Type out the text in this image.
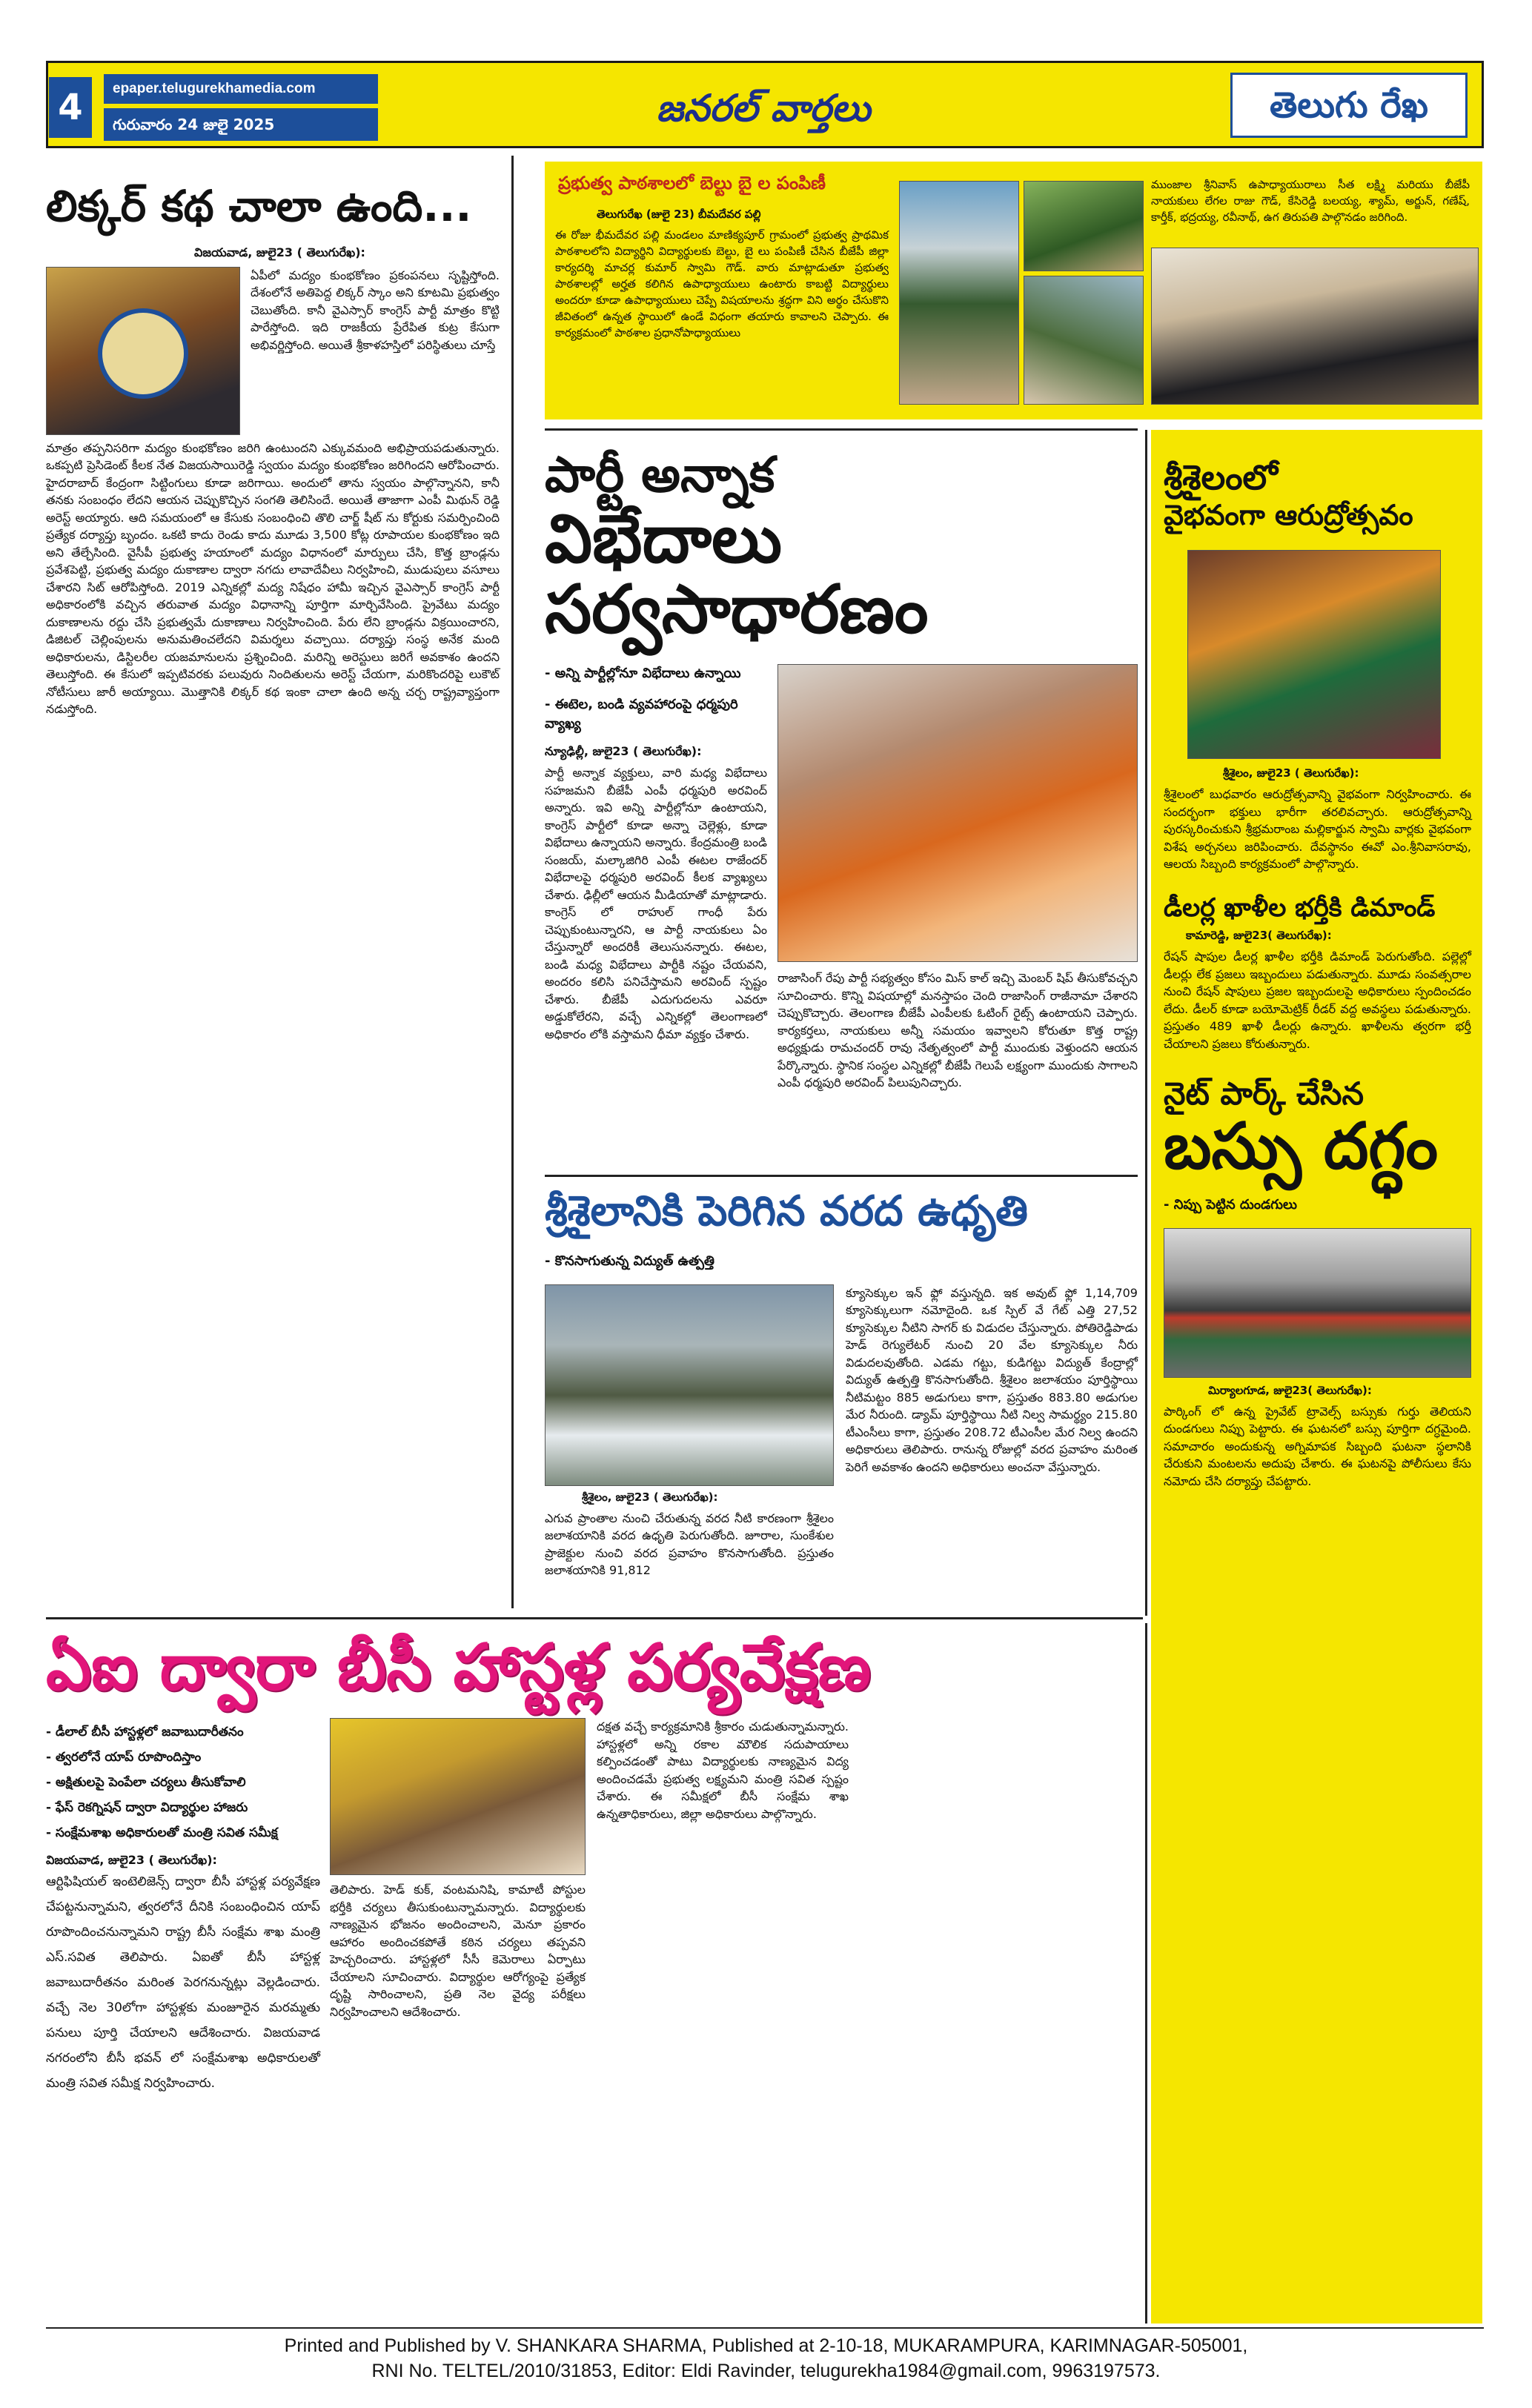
4	epaper.telugurekhamedia.com
గురువారం 24 జులై 2025	జనరల్ వార్తలు	తెలుగు రేఖ
లిక్కర్ కథ చాలా ఉంది...
విజయవాడ, జులై23 ( తెలుగురేఖ):
ఏపీలో మద్యం కుంభకోణం ప్రకంపనలు సృష్టిస్తోంది. దేశంలోనే అతిపెద్ద లిక్కర్ స్కాం అని కూటమి ప్రభుత్వం చెబుతోంది. కానీ వైఎస్సార్ కాంగ్రెస్ పార్టీ మాత్రం కొట్టి పారేస్తోంది. ఇది రాజకీయ ప్రేరేపిత కుట్ర కేసుగా అభివర్ణిస్తోంది. అయితే శ్రీకాళహస్తిలో పరిస్థితులు చూస్తే
మాత్రం తప్పనిసరిగా మద్యం కుంభకోణం జరిగి ఉంటుందని ఎక్కువమంది అభిప్రాయపడుతున్నారు. ఒకప్పటి ప్రెసిడెంట్ కీలక నేత విజయసాయిరెడ్డి స్వయం మద్యం కుంభకోణం జరిగిందని ఆరోపించారు. హైదరాబాద్ కేంద్రంగా సిట్టింగులు కూడా జరిగాయి. అందులో తాను స్వయం పాల్గొన్నానని, కానీ తనకు సంబంధం లేదని ఆయన చెప్పుకొచ్చిన సంగతి తెలిసిందే. అయితే తాజాగా ఎంపీ మిథున్ రెడ్డి అరెస్ట్ అయ్యారు. ఆది సమయంలో ఆ కేసుకు సంబంధించి తొలి చార్జ్ షీట్ ను కోర్టుకు సమర్పించింది ప్రత్యేక దర్యాప్తు బృందం. ఒకటి కాదు రెండు కాదు మూడు 3,500 కోట్ల రూపాయల కుంభకోణం ఇది అని తేల్చేసింది. వైసీపీ ప్రభుత్వ హయాంలో మద్యం విధానంలో మార్పులు చేసి, కొత్త బ్రాండ్లను ప్రవేశపెట్టి, ప్రభుత్వ మద్యం దుకాణాల ద్వారా నగదు లావాదేవీలు నిర్వహించి, ముడుపులు వసూలు చేశారని సిట్ ఆరోపిస్తోంది. 2019 ఎన్నికల్లో మద్య నిషేధం హామీ ఇచ్చిన వైఎస్సార్ కాంగ్రెస్ పార్టీ అధికారంలోకి వచ్చిన తరువాత మద్యం విధానాన్ని పూర్తిగా మార్చివేసింది. ప్రైవేటు మద్యం దుకాణాలను రద్దు చేసి ప్రభుత్వమే దుకాణాలు నిర్వహించింది. పేరు లేని బ్రాండ్లను విక్రయించారని, డిజిటల్ చెల్లింపులను అనుమతించలేదని విమర్శలు వచ్చాయి. దర్యాప్తు సంస్థ అనేక మంది అధికారులను, డిస్టిలరీల యజమానులను ప్రశ్నించింది. మరిన్ని అరెస్టులు జరిగే అవకాశం ఉందని తెలుస్తోంది. ఈ కేసులో ఇప్పటివరకు పలువురు నిందితులను అరెస్ట్ చేయగా, మరికొందరిపై లుకౌట్ నోటీసులు జారీ అయ్యాయి. మొత్తానికి లిక్కర్ కథ ఇంకా చాలా ఉంది అన్న చర్చ రాష్ట్రవ్యాప్తంగా నడుస్తోంది.
ప్రభుత్వ పాఠశాలలో బెల్టు బై ల పంపిణీ
తెలుగురేఖ (జులై 23) బీమదేవర పల్లి
ఈ రోజు భీమదేవర పల్లి మండలం మాణిక్యపూర్ గ్రామంలో ప్రభుత్వ ప్రాథమిక పాఠశాలలోని విద్యార్థిని విద్యార్థులకు బెల్టు, బై లు పంపిణీ చేసిన బీజేపీ జిల్లా కార్యదర్శి మాచర్ల కుమార్ స్వామి గౌడ్. వారు మాట్లాడుతూ ప్రభుత్వ పాఠశాలల్లో అర్హత కలిగిన ఉపాధ్యాయులు ఉంటారు కాబట్టి విద్యార్థులు అందరూ కూడా ఉపాధ్యాయులు చెప్పే విషయాలను శ్రద్ధగా విని అర్థం చేసుకొని జీవితంలో ఉన్నత స్థాయిలో ఉండే విధంగా తయారు కావాలని చెప్పారు. ఈ కార్యక్రమంలో పాఠశాల ప్రధానోపాధ్యాయులు
ముంజాల శ్రీనివాస్ ఉపాధ్యాయురాలు సీత లక్ష్మి మరియు బీజేపీ నాయకులు లేగల రాజు గౌడ్, కేసిరెడ్డి బలయ్య, శ్యామ్, అర్జున్, గణేష్, కార్తీక్, భద్రయ్య, రవీనాథ్, ఉగ తిరుపతి పాల్గొనడం జరిగింది.
పార్టీ అన్నాక
విభేదాలు సర్వసాధారణం
- అన్ని పార్టీల్లోనూ విభేదాలు ఉన్నాయి
- ఈటెల, బండి వ్యవహారంపై ధర్మపురి వ్యాఖ్య
న్యూఢిల్లీ, జులై23 ( తెలుగురేఖ):
పార్టీ అన్నాక వ్యక్తులు, వారి మధ్య విభేదాలు సహజమని బీజేపీ ఎంపీ ధర్మపురి అరవింద్ అన్నారు. ఇవి అన్ని పార్టీల్లోనూ ఉంటాయని, కాంగ్రెస్ పార్టీలో కూడా అన్నా చెల్లెళ్లు, కూడా విభేదాలు ఉన్నాయని అన్నారు. కేంద్రమంత్రి బండి సంజయ్, మల్కాజిగిరి ఎంపీ ఈటల రాజేందర్ విభేదాలపై ధర్మపురి అరవింద్ కీలక వ్యాఖ్యలు చేశారు. ఢిల్లీలో ఆయన మీడియాతో మాట్లాడారు. కాంగ్రెస్ లో రాహుల్ గాంధీ పేరు చెప్పుకుంటున్నారని, ఆ పార్టీ నాయకులు ఏం చేస్తున్నారో అందరికీ తెలుసునన్నారు. ఈటల, బండి మధ్య విభేదాలు పార్టీకి నష్టం చేయవని, అందరం కలిసి పనిచేస్తామని అరవింద్ స్పష్టం చేశారు. బీజేపీ ఎదుగుదలను ఎవరూ అడ్డుకోలేరని, వచ్చే ఎన్నికల్లో తెలంగాణలో అధికారం లోకి వస్తామని ధీమా వ్యక్తం చేశారు.
రాజాసింగ్ రేపు పార్టీ సభ్యత్వం కోసం మిస్ కాల్ ఇచ్చి మెంబర్ షిప్ తీసుకోవచ్చని సూచించారు. కొన్ని విషయాల్లో మనస్తాపం చెంది రాజాసింగ్ రాజీనామా చేశారని చెప్పుకొచ్చారు. తెలంగాణ బీజేపీ ఎంపీలకు ఓటింగ్ రైట్స్ ఉంటాయని చెప్పారు. కార్యకర్తలు, నాయకులు అన్నీ సమయం ఇవ్వాలని కోరుతూ కొత్త రాష్ట్ర అధ్యక్షుడు రామచందర్ రావు నేతృత్వంలో పార్టీ ముందుకు వెళ్తుందని ఆయన పేర్కొన్నారు. స్థానిక సంస్థల ఎన్నికల్లో బీజేపీ గెలుపే లక్ష్యంగా ముందుకు సాగాలని ఎంపీ ధర్మపురి అరవింద్ పిలుపునిచ్చారు.
శ్రీశైలానికి పెరిగిన వరద ఉధృతి
- కొనసాగుతున్న విద్యుత్ ఉత్పత్తి
శ్రీశైలం, జులై23 ( తెలుగురేఖ):
ఎగువ ప్రాంతాల నుంచి చేరుతున్న వరద నీటి కారణంగా శ్రీశైలం జలాశయానికి వరద ఉధృతి పెరుగుతోంది. జూరాల, సుంకేశుల ప్రాజెక్టుల నుంచి వరద ప్రవాహం కొనసాగుతోంది. ప్రస్తుతం జలాశయానికి 91,812
క్యూసెక్కుల ఇన్ ఫ్లో వస్తున్నది. ఇక అవుట్ ఫ్లో 1,14,709 క్యూసెక్కులుగా నమోదైంది. ఒక స్పిల్ వే గేట్ ఎత్తి 27,52 క్యూసెక్కుల నీటిని సాగర్ కు విడుదల చేస్తున్నారు. పోతిరెడ్డిపాడు హెడ్ రెగ్యులేటర్ నుంచి 20 వేల క్యూసెక్కుల నీరు విడుదలవుతోంది. ఎడమ గట్టు, కుడిగట్టు విద్యుత్ కేంద్రాల్లో విద్యుత్ ఉత్పత్తి కొనసాగుతోంది. శ్రీశైలం జలాశయం పూర్తిస్థాయి నీటిమట్టం 885 అడుగులు కాగా, ప్రస్తుతం 883.80 అడుగుల మేర నీరుంది. డ్యామ్ పూర్తిస్థాయి నీటి నిల్వ సామర్థ్యం 215.80 టీఎంసీలు కాగా, ప్రస్తుతం 208.72 టీఎంసీల మేర నిల్వ ఉందని అధికారులు తెలిపారు. రానున్న రోజుల్లో వరద ప్రవాహం మరింత పెరిగే అవకాశం ఉందని అధికారులు అంచనా వేస్తున్నారు.
శ్రీశైలంలో
వైభవంగా ఆరుద్రోత్సవం
శ్రీశైలం, జులై23 ( తెలుగురేఖ):
శ్రీశైలంలో బుధవారం ఆరుద్రోత్సవాన్ని వైభవంగా నిర్వహించారు. ఈ సందర్భంగా భక్తులు భారీగా తరలివచ్చారు. ఆరుద్రోత్సవాన్ని పురస్కరించుకుని శ్రీభ్రమరాంబ మల్లికార్జున స్వామి వార్లకు వైభవంగా విశేష అర్చనలు జరిపించారు. దేవస్థానం ఈవో ఎం.శ్రీనివాసరావు, ఆలయ సిబ్బంది కార్యక్రమంలో పాల్గొన్నారు.
డీలర్ల ఖాళీల భర్తీకి డిమాండ్
కామారెడ్డి, జులై23( తెలుగురేఖ):
రేషన్ షాపుల డీలర్ల ఖాళీల భర్తీకి డిమాండ్ పెరుగుతోంది. పల్లెల్లో డీలర్లు లేక ప్రజలు ఇబ్బందులు పడుతున్నారు. మూడు సంవత్సరాల నుంచి రేషన్ షాపులు ప్రజల ఇబ్బందులపై అధికారులు స్పందించడం లేదు. డీలర్ కూడా బయోమెట్రిక్ రీడర్ వద్ద అవస్థలు పడుతున్నారు. ప్రస్తుతం 489 ఖాళీ డీలర్లు ఉన్నారు. ఖాళీలను త్వరగా భర్తీ చేయాలని ప్రజలు కోరుతున్నారు.
నైట్ పార్క్ చేసిన
బస్సు దగ్ధం
- నిప్పు పెట్టిన దుండగులు
మిర్యాలగూడ, జులై23( తెలుగురేఖ):
పార్కింగ్ లో ఉన్న ప్రైవేట్ ట్రావెల్స్ బస్సుకు గుర్తు తెలియని దుండగులు నిప్పు పెట్టారు. ఈ ఘటనలో బస్సు పూర్తిగా దగ్ధమైంది. సమాచారం అందుకున్న అగ్నిమాపక సిబ్బంది ఘటనా స్థలానికి చేరుకుని మంటలను అదుపు చేశారు. ఈ ఘటనపై పోలీసులు కేసు నమోదు చేసి దర్యాప్తు చేపట్టారు.
ఏఐ ద్వారా బీసీ హాస్టళ్ల పర్యవేక్షణ
- డీలాల్ బీసీ హాస్టళ్లలో జవాబుదారీతనం
- త్వరలోనే యాప్ రూపొందిస్తాం
- అక్షితులపై పెంపేలా చర్యలు తీసుకోవాలి
- ఫేస్ రెకగ్నిషన్ ద్వారా విద్యార్థుల హాజరు
- సంక్షేమశాఖ అధికారులతో మంత్రి సవిత సమీక్ష
విజయవాడ, జులై23 ( తెలుగురేఖ):
ఆర్టిఫిషియల్ ఇంటెలిజెన్స్ ద్వారా బీసీ హాస్టళ్ల పర్యవేక్షణ చేపట్టనున్నామని, త్వరలోనే దీనికి సంబంధించిన యాప్ రూపొందించనున్నామని రాష్ట్ర బీసీ సంక్షేమ శాఖ మంత్రి ఎస్.సవిత తెలిపారు. ఏఐతో బీసీ హాస్టళ్ల జవాబుదారీతనం మరింత పెరగనున్నట్లు వెల్లడించారు. వచ్చే నెల 30లోగా హాస్టళ్లకు మంజూరైన మరమ్మతు పనులు పూర్తి చేయాలని ఆదేశించారు. విజయవాడ నగరంలోని బీసీ భవన్ లో సంక్షేమశాఖ అధికారులతో మంత్రి సవిత సమీక్ష నిర్వహించారు.
తెలిపారు. హెడ్ కుక్, వంటమనిషి, కామాటీ పోస్టుల భర్తీకి చర్యలు తీసుకుంటున్నామన్నారు. విద్యార్థులకు నాణ్యమైన భోజనం అందించాలని, మెనూ ప్రకారం ఆహారం అందించకపోతే కఠిన చర్యలు తప్పవని హెచ్చరించారు. హాస్టళ్లలో సీసీ కెమెరాలు ఏర్పాటు చేయాలని సూచించారు. విద్యార్థుల ఆరోగ్యంపై ప్రత్యేక దృష్టి సారించాలని, ప్రతి నెల వైద్య పరీక్షలు నిర్వహించాలని ఆదేశించారు.
దక్షత వచ్చే కార్యక్రమానికి శ్రీకారం చుడుతున్నామన్నారు. హాస్టళ్లలో అన్ని రకాల మౌలిక సదుపాయాలు కల్పించడంతో పాటు విద్యార్థులకు నాణ్యమైన విద్య అందించడమే ప్రభుత్వ లక్ష్యమని మంత్రి సవిత స్పష్టం చేశారు. ఈ సమీక్షలో బీసీ సంక్షేమ శాఖ ఉన్నతాధికారులు, జిల్లా అధికారులు పాల్గొన్నారు.
Printed and Published by V. SHANKARA SHARMA, Published at 2-10-18, MUKARAMPURA, KARIMNAGAR-505001,
RNI No. TELTEL/2010/31853, Editor: Eldi Ravinder, telugurekha1984@gmail.com, 9963197573.
